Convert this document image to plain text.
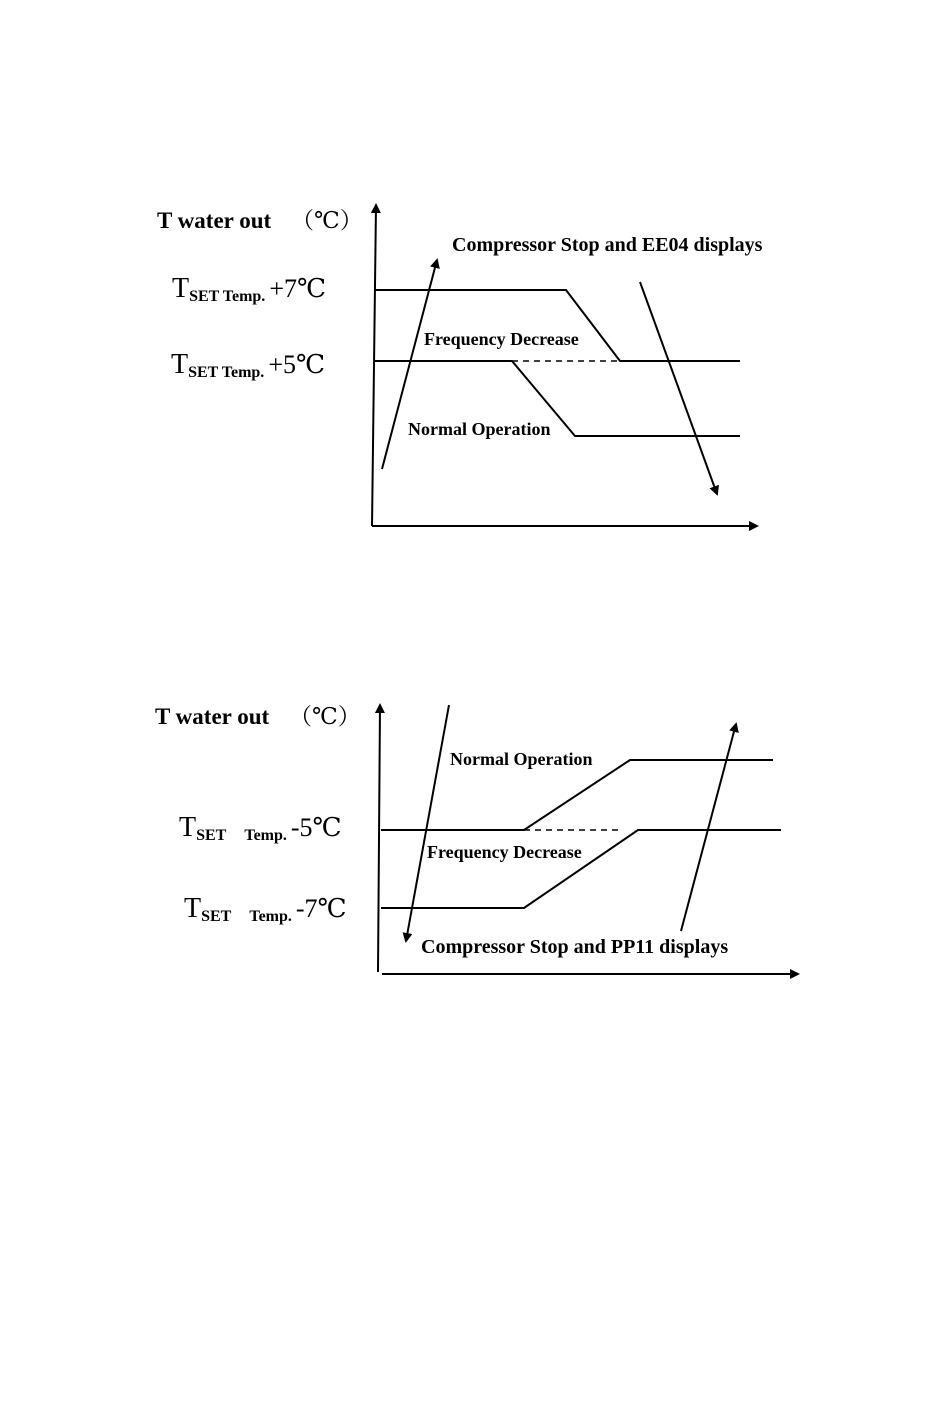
T water out （℃）
TSET Temp. +7℃
TSET Temp. +5℃
Compressor Stop and EE04 displays
Frequency Decrease
Normal Operation
T water out （℃）
TSET Temp. -5℃
TSET Temp. -7℃
Normal Operation
Frequency Decrease
Compressor Stop and PP11 displays
